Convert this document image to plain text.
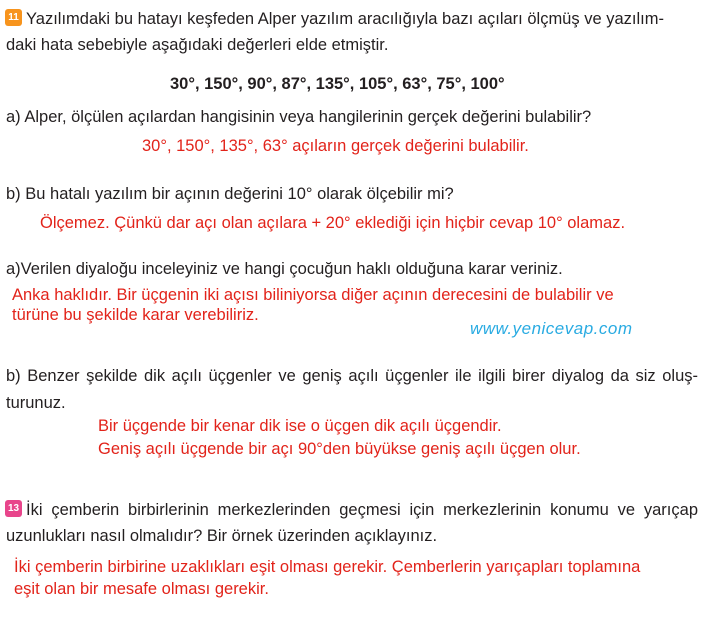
11 Yazılımdaki bu hatayı keşfeden Alper yazılım aracılığıyla bazı açıları ölçmüş ve yazılım-
daki hata sebebiyle aşağıdaki değerleri elde etmiştir.
30°, 150°, 90°, 87°, 135°, 105°, 63°, 75°, 100°
a) Alper, ölçülen açılardan hangisinin veya hangilerinin gerçek değerini bulabilir?
30°, 150°, 135°, 63° açıların gerçek değerini bulabilir.
b) Bu hatalı yazılım bir açının değerini 10° olarak ölçebilir mi?
Ölçemez. Çünkü dar açı olan açılara + 20° eklediği için hiçbir cevap 10° olamaz.
a)Verilen diyaloğu inceleyiniz ve hangi çocuğun haklı olduğuna karar veriniz.
Anka haklıdır. Bir üçgenin iki açısı biliniyorsa diğer açının derecesini de bulabilir ve
türüne bu şekilde karar verebiliriz.
www.yenicevap.com
b) Benzer şekilde dik açılı üçgenler ve geniş açılı üçgenler ile ilgili birer diyalog da siz oluş-
turunuz.
Bir üçgende bir kenar dik ise o üçgen dik açılı üçgendir.
Geniş açılı üçgende bir açı 90°den büyükse geniş açılı üçgen olur.
13 İki çemberin birbirlerinin merkezlerinden geçmesi için merkezlerinin konumu ve yarıçap
uzunlukları nasıl olmalıdır? Bir örnek üzerinden açıklayınız.
İki çemberin birbirine uzaklıkları eşit olması gerekir. Çemberlerin yarıçapları toplamına
eşit olan bir mesafe olması gerekir.
